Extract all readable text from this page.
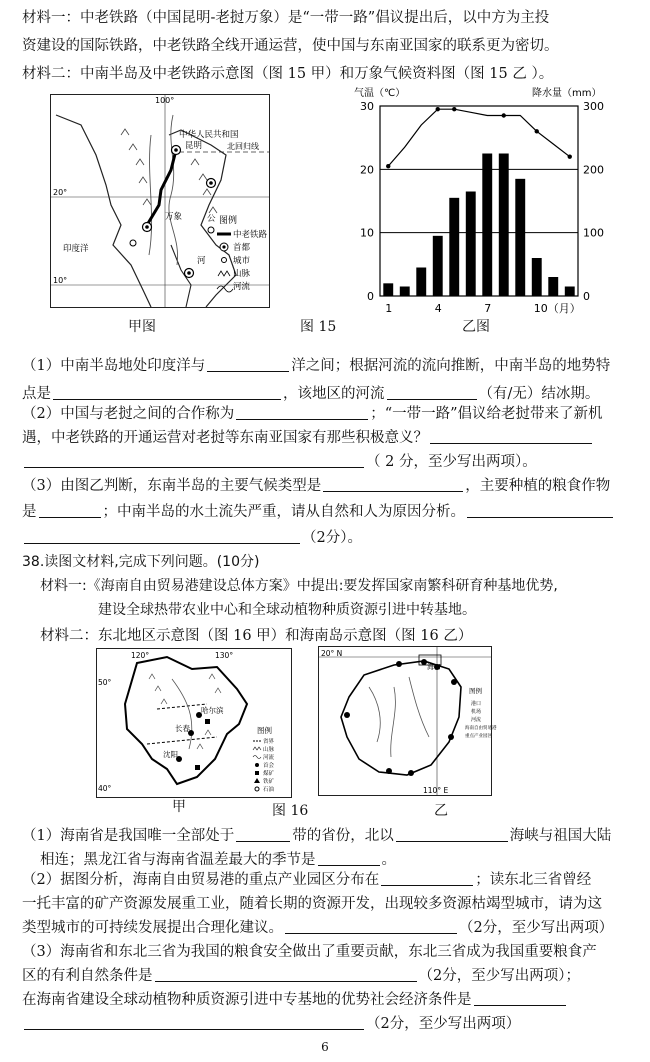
材料一：中老铁路（中国昆明-老挝万象）是“一带一路”倡议提出后，以中方为主投
资建设的国际铁路，中老铁路全线开通运营，使中国与东南亚国家的联系更为密切。
材料二：中南半岛及中老铁路示意图（图 15 甲）和万象气候资料图（图 15 乙 ）。
100°
20°
10°
中华人民共和国
昆明	北回归线
万象	公
河
印度洋
图例
中老铁路
首都
城市
山脉
河流
甲图	图 15	乙图
气温（℃）	降水量（mm）
0
10
20
30
0
100
200
300
1	4	7	10（月）
（1）中南半岛地处印度洋与	洋之间；根据河流的流向推断，中南半岛的地势特
点是	，该地区的河流	（有/无）结冰期。
（2）中国与老挝之间的合作称为	；“一带一路”倡议给老挝带来了新机
遇，中老铁路的开通运营对老挝等东南亚国家有那些积极意义？
（ 2 分，至少写出两项）。
（3）由图乙判断，东南半岛的主要气候类型是	，主要种植的粮食作物
是	；中南半岛的水土流失严重，请从自然和人为原因分析。
（2分）。
38.读图文材料,完成下列问题。(10分)
材料一:《海南自由贸易港建设总体方案》中提出:要发挥国家南繁科研育种基地优势,
建设全球热带农业中心和全球动植物种质资源引进中转基地。
材料二：东北地区示意图（图 16 甲）和海南岛示意图（图 16 乙）
120°	130°
50°
40°
哈尔滨
长春
沈阳
图例
省界
山脉
河流
首会
煤矿
铁矿
石油
20° N
110° E
海口
图例
港口
机场
河流
海南自由贸易港
重点产业园区
甲	图 16	乙
（1）海南省是我国唯一全部处于	带的省份，北以	海峡与祖国大陆
相连；黑龙江省与海南省温差最大的季节是	。
（2）据图分析，海南自由贸易港的重点产业园区分布在	；读东北三省曾经
一托丰富的矿产资源发展重工业，随着长期的资源开发，出现较多资源枯竭型城市，请为这
类型城市的可持续发展提出合理化建议。	（2分，至少写出两项）
（3）海南省和东北三省为我国的粮食安全做出了重要贡献，东北三省成为我国重要粮食产
区的有利自然条件是	（2分，至少写出两项）；
在海南省建设全球动植物种质资源引进中专基地的优势社会经济条件是
（2分，至少写出两项）
6
